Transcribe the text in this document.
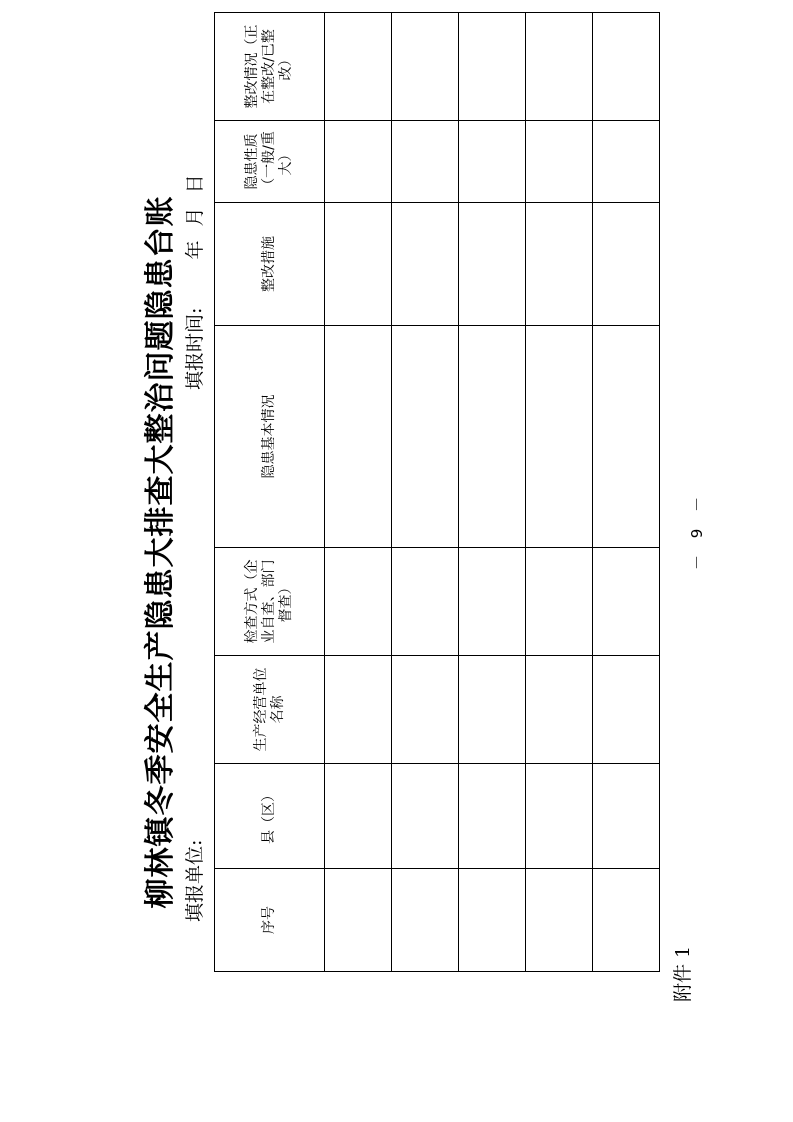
附件 1
柳林镇冬季安全生产隐患大排查大整治问题隐患台账 填报单位:
填报时间:  年 月 日
序号	县（区）	生产经营单位名称	检查方式（企业自查、部门督查）	隐患基本情况	整改措施	隐患性质（一般/重大）	整改情况（正在整改/已整改）

－ 9 －
